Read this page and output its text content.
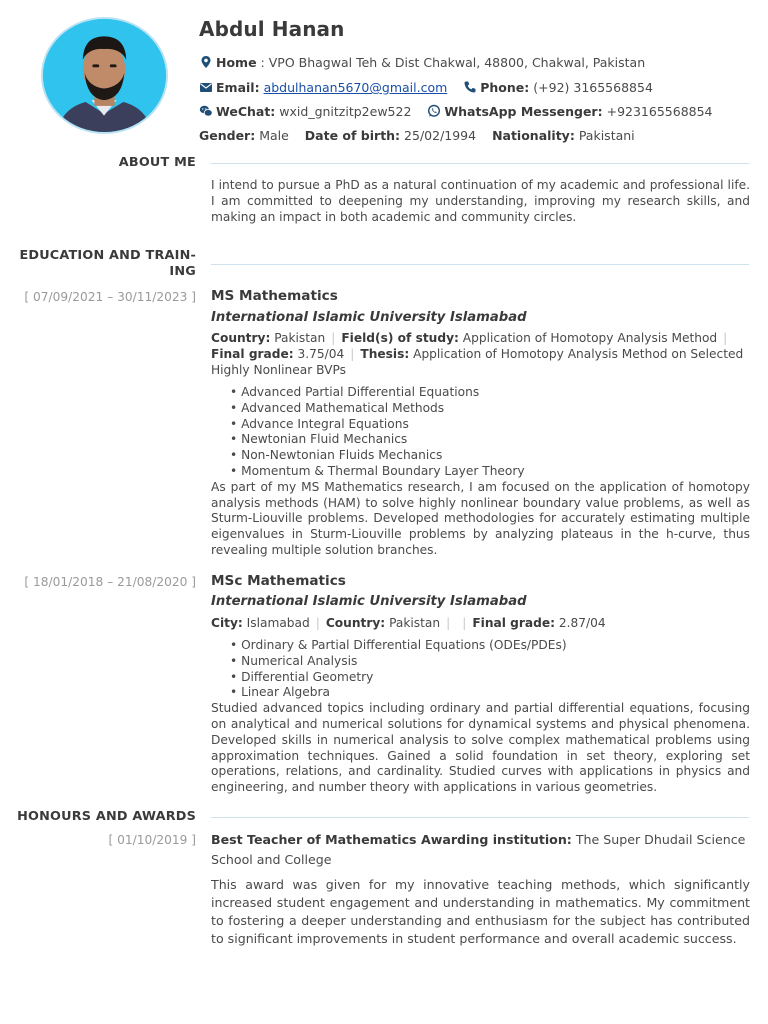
Abdul Hanan
Home : VPO Bhagwal Teh & Dist Chakwal, 48800, Chakwal, Pakistan
Email: abdulhanan5670@gmail.com	Phone: (+92) 3165568854
WeChat: wxid_gnitzitp2ew522	WhatsApp Messenger: +923165568854
Gender: Male Date of birth: 25/02/1994 Nationality: Pakistani
ABOUT ME
I intend to pursue a PhD as a natural continuation of my academic and professional life. I am committed to deepening my understanding, improving my research skills, and making an impact in both academic and community circles.
EDUCATION AND TRAIN-
ING
[ 07/09/2021 – 30/11/2023 ] MS Mathematics
International Islamic University Islamabad
Country: Pakistan | Field(s) of study: Application of Homotopy Analysis Method |
Final grade: 3.75/04 | Thesis: Application of Homotopy Analysis Method on Selected Highly Nonlinear BVPs
• Advanced Partial Differential Equations
• Advanced Mathematical Methods
• Advance Integral Equations
• Newtonian Fluid Mechanics
• Non-Newtonian Fluids Mechanics
• Momentum & Thermal Boundary Layer Theory
As part of my MS Mathematics research, I am focused on the application of homotopy analysis methods (HAM) to solve highly nonlinear boundary value problems, as well as Sturm-Liouville problems. Developed methodologies for accurately estimating multiple eigenvalues in Sturm-Liouville problems by analyzing plateaus in the h-curve, thus revealing multiple solution branches.
[ 18/01/2018 – 21/08/2020 ] MSc Mathematics
International Islamic University Islamabad
City: Islamabad | Country: Pakistan | | Final grade: 2.87/04
• Ordinary & Partial Differential Equations (ODEs/PDEs)
• Numerical Analysis
• Differential Geometry
• Linear Algebra
Studied advanced topics including ordinary and partial differential equations, focusing on analytical and numerical solutions for dynamical systems and physical phenomena. Developed skills in numerical analysis to solve complex mathematical problems using approximation techniques. Gained a solid foundation in set theory, exploring set operations, relations, and cardinality. Studied curves with applications in physics and engineering, and number theory with applications in various geometries.
HONOURS AND AWARDS
[ 01/10/2019 ] Best Teacher of Mathematics Awarding institution: The Super Dhudail Science School and College
This award was given for my innovative teaching methods, which significantly increased student engagement and understanding in mathematics. My commitment to fostering a deeper understanding and enthusiasm for the subject has contributed to significant improvements in student performance and overall academic success.
